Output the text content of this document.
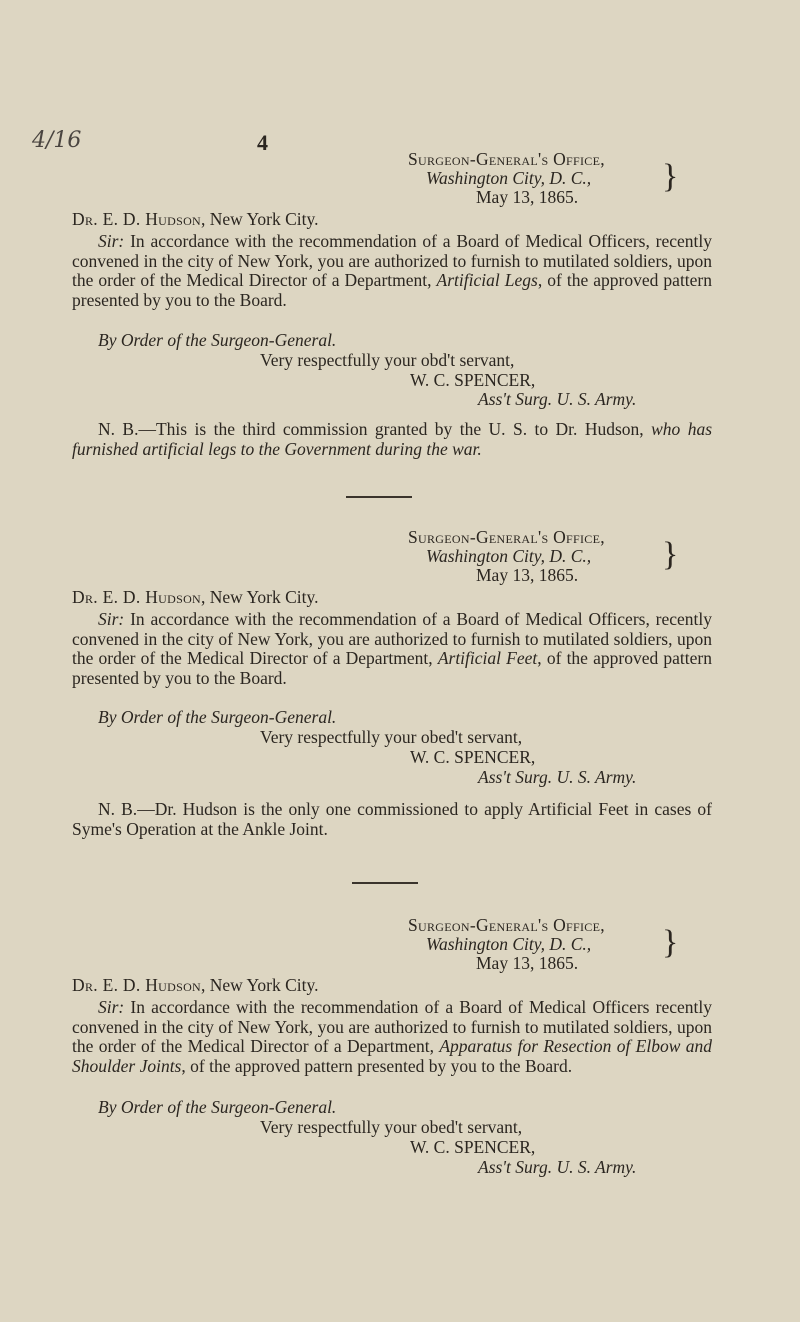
4/16	4
Surgeon-General's Office,
Washington City, D. C.,
May 13, 1865.
}
Dr. E. D. Hudson, New York City.
Sir: In accordance with the recommendation of a Board of Medical Officers, recently convened in the city of New York, you are authorized to furnish to mutilated soldiers, upon the order of the Medical Director of a Department, Artificial Legs, of the approved pattern presented by you to the Board.
By Order of the Surgeon-General.
Very respectfully your obd't servant,
W. C. SPENCER,
Ass't Surg. U. S. Army.
N. B.—This is the third commission granted by the U. S. to Dr. Hudson, who has furnished artificial legs to the Government during the war.
Surgeon-General's Office,
Washington City, D. C.,
May 13, 1865.
}
Dr. E. D. Hudson, New York City.
Sir: In accordance with the recommendation of a Board of Medical Officers, recently convened in the city of New York, you are authorized to furnish to mutilated soldiers, upon the order of the Medical Director of a Department, Artificial Feet, of the approved pattern presented by you to the Board.
By Order of the Surgeon-General.
Very respectfully your obed't servant,
W. C. SPENCER,
Ass't Surg. U. S. Army.
N. B.—Dr. Hudson is the only one commissioned to apply Artificial Feet in cases of Syme's Operation at the Ankle Joint.
Surgeon-General's Office,
Washington City, D. C.,
May 13, 1865.
}
Dr. E. D. Hudson, New York City.
Sir: In accordance with the recommendation of a Board of Medical Officers recently convened in the city of New York, you are authorized to furnish to mutilated soldiers, upon the order of the Medical Director of a Department, Apparatus for Resection of Elbow and Shoulder Joints, of the approved pattern presented by you to the Board.
By Order of the Surgeon-General.
Very respectfully your obed't servant,
W. C. SPENCER,
Ass't Surg. U. S. Army.
